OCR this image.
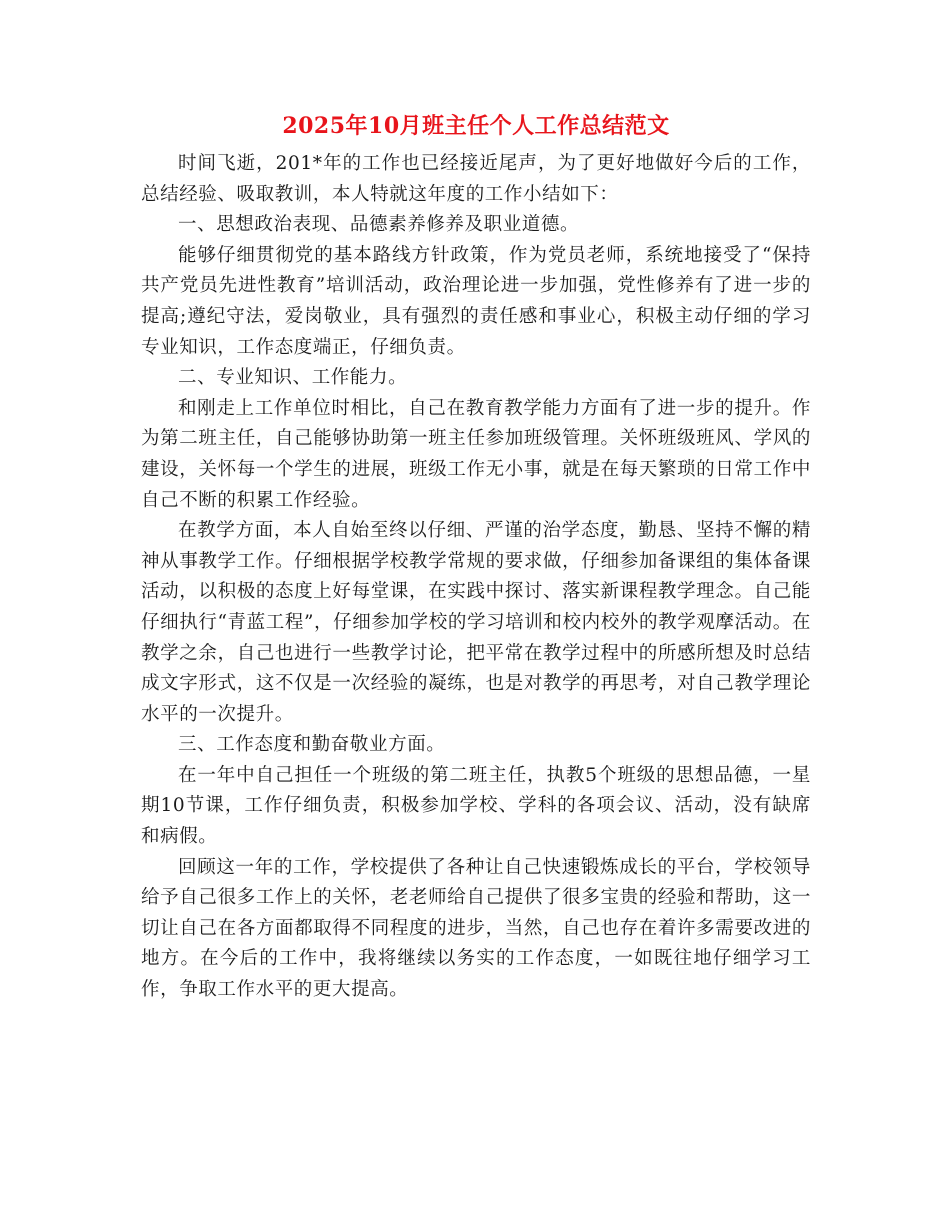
2025年10月班主任个人工作总结范文

时间飞逝，201*年的工作也已经接近尾声，为了更好地做好今后的工作，总结经验、吸取教训，本人特就这年度的工作小结如下：

一、思想政治表现、品德素养修养及职业道德。

能够仔细贯彻党的基本路线方针政策，作为党员老师，系统地接受了“保持共产党员先进性教育”培训活动，政治理论进一步加强，党性修养有了进一步的提高;遵纪守法，爱岗敬业，具有强烈的责任感和事业心，积极主动仔细的学习专业知识，工作态度端正，仔细负责。

二、专业知识、工作能力。

和刚走上工作单位时相比，自己在教育教学能力方面有了进一步的提升。作为第二班主任，自己能够协助第一班主任参加班级管理。关怀班级班风、学风的建设，关怀每一个学生的进展，班级工作无小事，就是在每天繁琐的日常工作中自己不断的积累工作经验。

在教学方面，本人自始至终以仔细、严谨的治学态度，勤恳、坚持不懈的精神从事教学工作。仔细根据学校教学常规的要求做，仔细参加备课组的集体备课活动，以积极的态度上好每堂课，在实践中探讨、落实新课程教学理念。自己能仔细执行“青蓝工程”，仔细参加学校的学习培训和校内校外的教学观摩活动。在教学之余，自己也进行一些教学讨论，把平常在教学过程中的所感所想及时总结成文字形式，这不仅是一次经验的凝练，也是对教学的再思考，对自己教学理论水平的一次提升。

三、工作态度和勤奋敬业方面。

在一年中自己担任一个班级的第二班主任，执教5个班级的思想品德，一星期10节课，工作仔细负责，积极参加学校、学科的各项会议、活动，没有缺席和病假。

回顾这一年的工作，学校提供了各种让自己快速锻炼成长的平台，学校领导给予自己很多工作上的关怀，老老师给自己提供了很多宝贵的经验和帮助，这一切让自己在各方面都取得不同程度的进步，当然，自己也存在着许多需要改进的地方。在今后的工作中，我将继续以务实的工作态度，一如既往地仔细学习工作，争取工作水平的更大提高。
